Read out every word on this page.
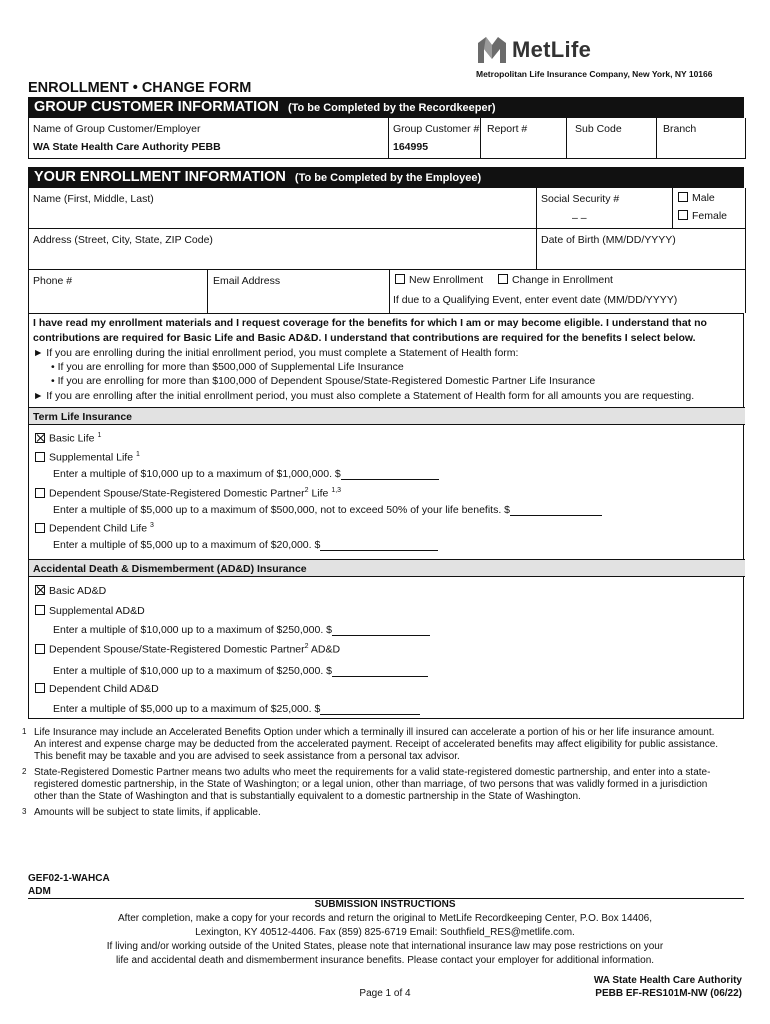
MetLife
Metropolitan Life Insurance Company, New York, NY 10166
ENROLLMENT • CHANGE FORM
GROUP CUSTOMER INFORMATION (To be Completed by the Recordkeeper)
Name of Group Customer/Employer
WA State Health Care Authority PEBB
Group Customer #
164995
Report #	Sub Code	Branch
YOUR ENROLLMENT INFORMATION (To be Completed by the Employee)
Name (First, Middle, Last)	Social Security #
– –
Male
Female
Address (Street, City, State, ZIP Code)	Date of Birth (MM/DD/YYYY)
Phone #	Email Address	New Enrollment	Change in Enrollment
If due to a Qualifying Event, enter event date (MM/DD/YYYY)
I have read my enrollment materials and I request coverage for the benefits for which I am or may become eligible. I understand that no
contributions are required for Basic Life and Basic AD&D. I understand that contributions are required for the benefits I select below.
► If you are enrolling during the initial enrollment period, you must complete a Statement of Health form:
• If you are enrolling for more than $500,000 of Supplemental Life Insurance
• If you are enrolling for more than $100,000 of Dependent Spouse/State-Registered Domestic Partner Life Insurance
► If you are enrolling after the initial enrollment period, you must also complete a Statement of Health form for all amounts you are requesting.
Term Life Insurance
Basic Life $^1$
Supplemental Life $^1$
Enter a multiple of $10,000 up to a maximum of $1,000,000. $
Dependent Spouse/State-Registered Domestic Partner$^2$ Life $^{1,3}$
Enter a multiple of $5,000 up to a maximum of $500,000, not to exceed 50% of your life benefits. $
Dependent Child Life $^3$
Enter a multiple of $5,000 up to a maximum of $20,000. $
Accidental Death & Dismemberment (AD&D) Insurance
Basic AD&D
Supplemental AD&D
Enter a multiple of $10,000 up to a maximum of $250,000. $
Dependent Spouse/State-Registered Domestic Partner$^2$ AD&D
Enter a multiple of $10,000 up to a maximum of $250,000. $
Dependent Child AD&D
Enter a multiple of $5,000 up to a maximum of $25,000. $
1 Life Insurance may include an Accelerated Benefits Option under which a terminally ill insured can accelerate a portion of his or her life insurance amount.
An interest and expense charge may be deducted from the accelerated payment. Receipt of accelerated benefits may affect eligibility for public assistance.
This benefit may be taxable and you are advised to seek assistance from a personal tax advisor.
2 State-Registered Domestic Partner means two adults who meet the requirements for a valid state-registered domestic partnership, and enter into a state-
registered domestic partnership, in the State of Washington; or a legal union, other than marriage, of two persons that was validly formed in a jurisdiction
other than the State of Washington and that is substantially equivalent to a domestic partnership in the State of Washington.
3 Amounts will be subject to state limits, if applicable.
GEF02-1-WAHCA
ADM
SUBMISSION INSTRUCTIONS
After completion, make a copy for your records and return the original to MetLife Recordkeeping Center, P.O. Box 14406,
Lexington, KY 40512-4406. Fax (859) 825-6719 Email: Southfield_RES@metlife.com.
If living and/or working outside of the United States, please note that international insurance law may pose restrictions on your
life and accidental death and dismemberment insurance benefits. Please contact your employer for additional information.
Page 1 of 4
WA State Health Care Authority
PEBB EF-RES101M-NW (06/22)
